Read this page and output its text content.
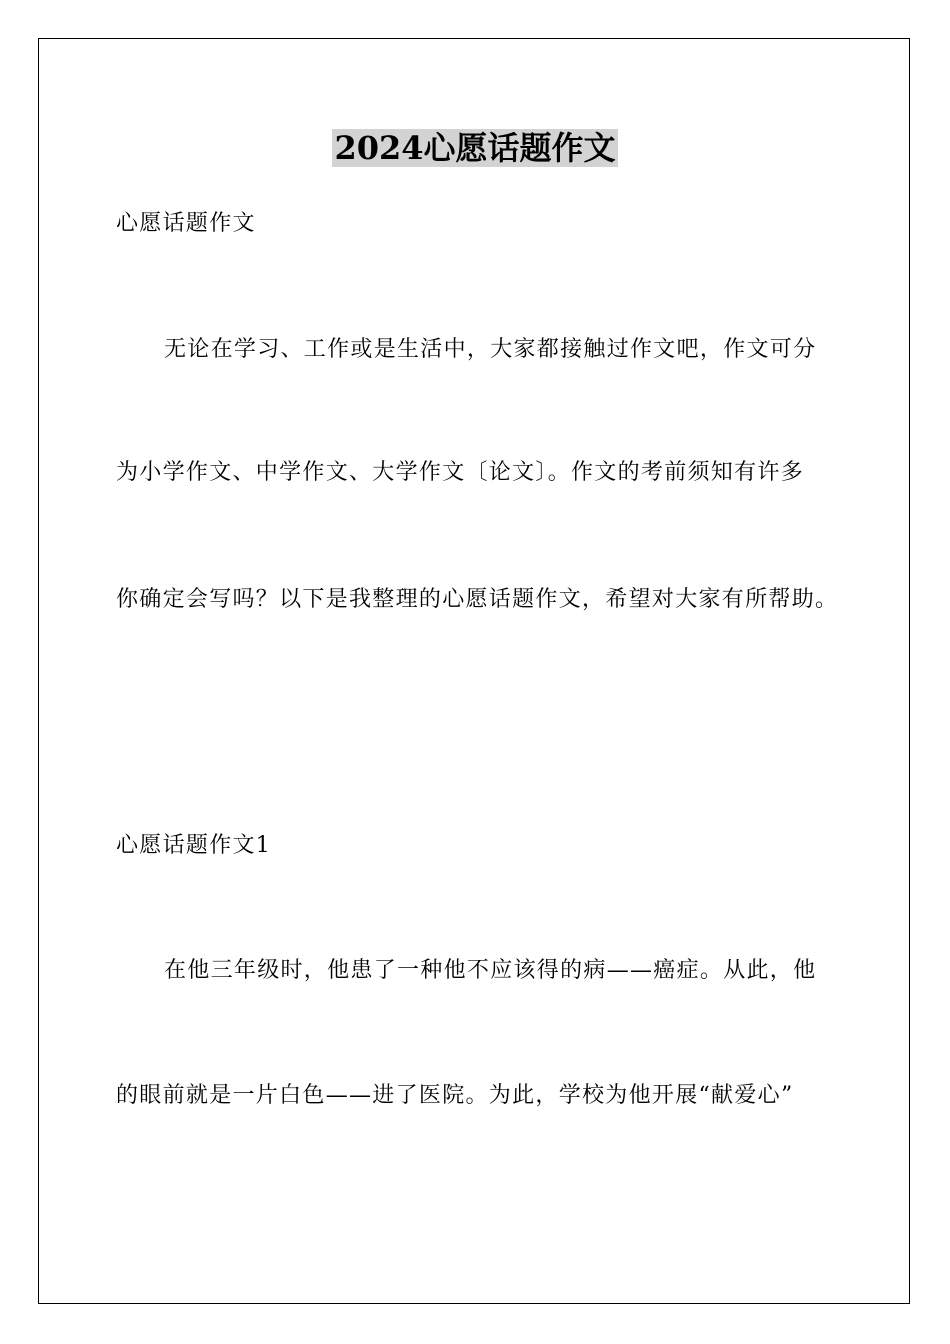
2024心愿话题作文

心愿话题作文

无论在学习、工作或是生活中，大家都接触过作文吧，作文可分

为小学作文、中学作文、大学作文〔论文〕。作文的考前须知有许多

你确定会写吗？以下是我整理的心愿话题作文，希望对大家有所帮助。

心愿话题作文1

在他三年级时，他患了一种他不应该得的病——癌症。从此，他

的眼前就是一片白色——进了医院。为此，学校为他开展“献爱心”
